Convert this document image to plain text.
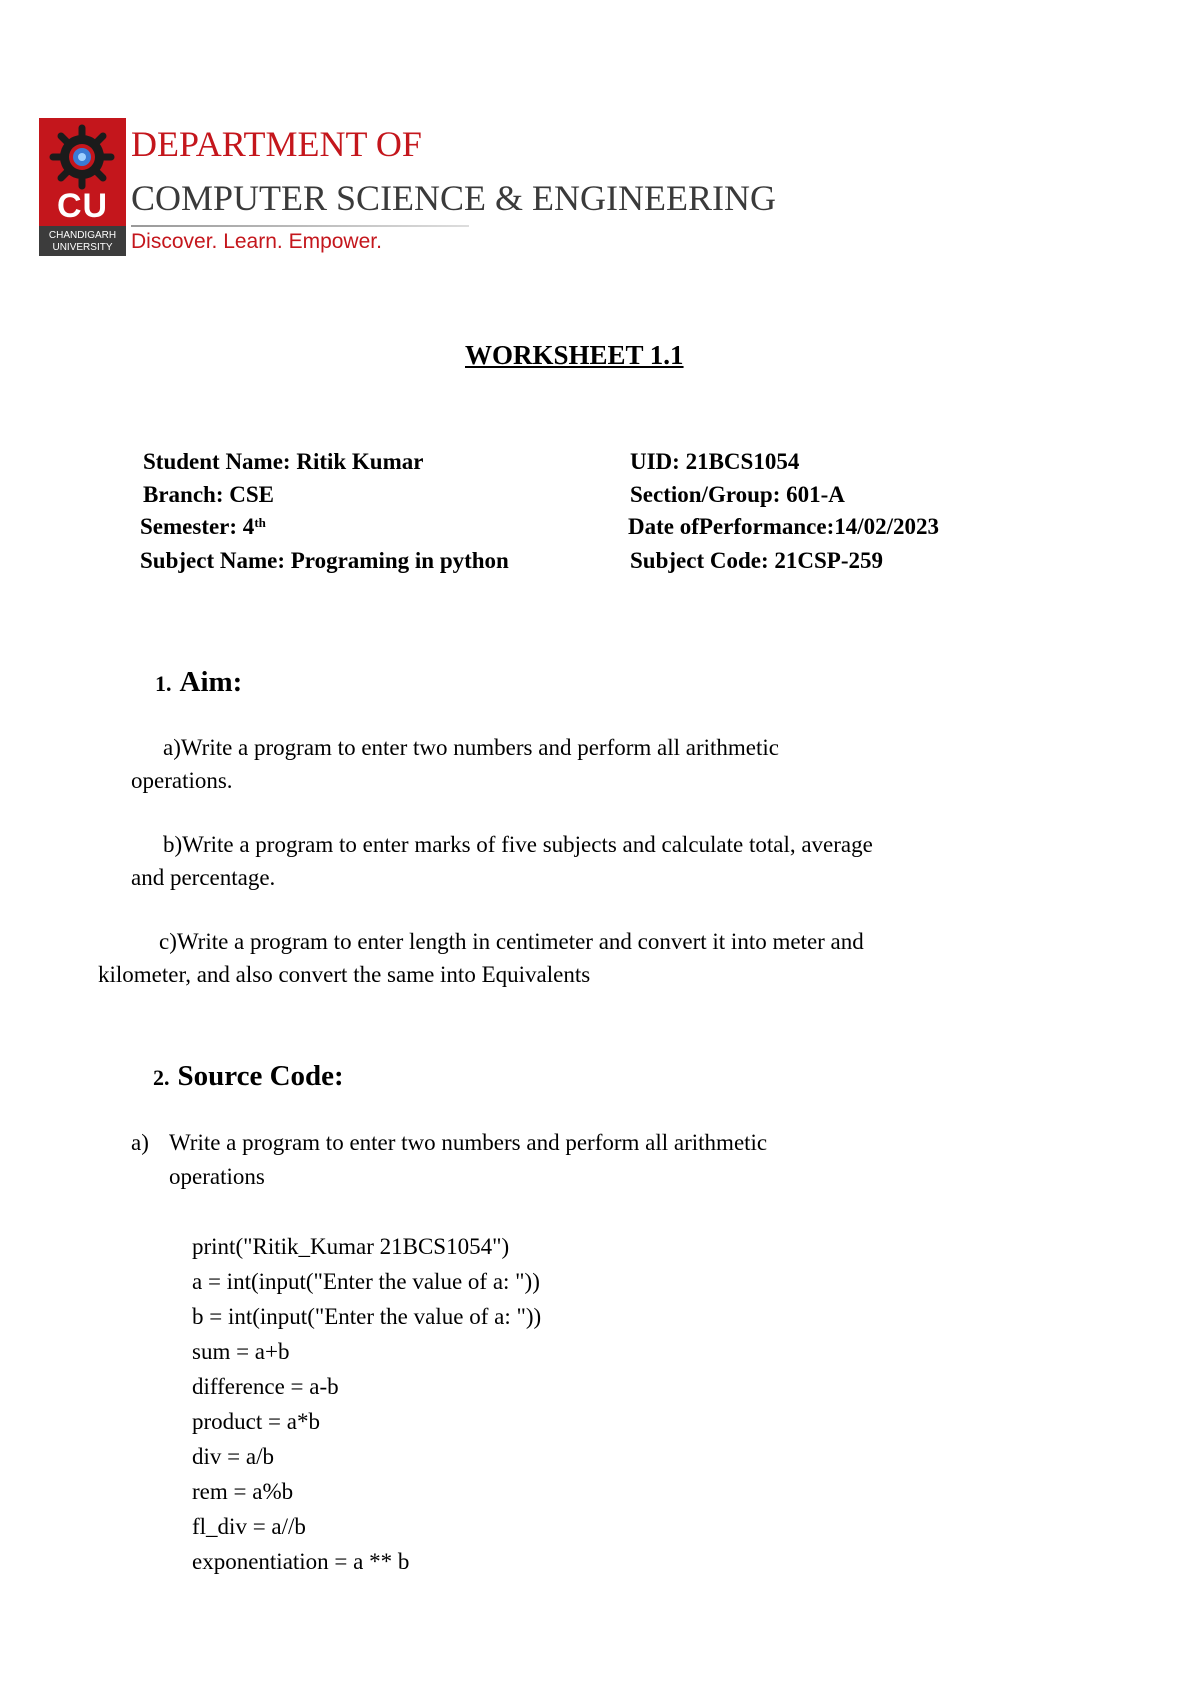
CU
CHANDIGARH
UNIVERSITY
DEPARTMENT OF
COMPUTER SCIENCE & ENGINEERING
Discover. Learn. Empower.
WORKSHEET 1.1
Student Name: Ritik Kumar	UID: 21BCS1054
Branch: CSE	Section/Group: 601-A
Semester: 4th	Date ofPerformance:14/02/2023
Subject Name: Programing in python	Subject Code: 21CSP-259
1. Aim:
a)Write a program to enter two numbers and perform all arithmetic
operations.
b)Write a program to enter marks of five subjects and calculate total, average
and percentage.
c)Write a program to enter length in centimeter and convert it into meter and
kilometer, and also convert the same into Equivalents
2. Source Code:
a) Write a program to enter two numbers and perform all arithmetic
operations
print("Ritik_Kumar 21BCS1054")
a = int(input("Enter the value of a: "))
b = int(input("Enter the value of a: "))
sum = a+b
difference = a-b
product = a*b
div = a/b
rem = a%b
fl_div = a//b
exponentiation = a ** b
